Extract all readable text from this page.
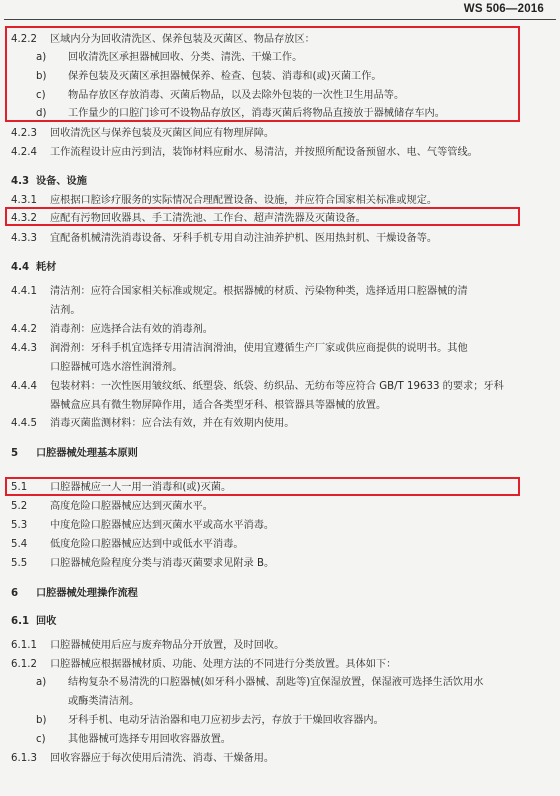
WS 506—2016
4.2.2 区域内分为回收清洗区、保养包装及灭菌区、物品存放区：
a) 回收清洗区承担器械回收、分类、清洗、干燥工作。
b) 保养包装及灭菌区承担器械保养、检查、包装、消毒和(或)灭菌工作。
c) 物品存放区存放消毒、灭菌后物品，以及去除外包装的一次性卫生用品等。
d) 工作量少的口腔门诊可不设物品存放区，消毒灭菌后将物品直接放于器械储存车内。
4.2.3 回收清洗区与保养包装及灭菌区间应有物理屏障。
4.2.4 工作流程设计应由污到洁，装饰材料应耐水、易清洁，并按照所配设备预留水、电、气等管线。
4.3 设备、设施
4.3.1 应根据口腔诊疗服务的实际情况合理配置设备、设施，并应符合国家相关标准或规定。
4.3.2 应配有污物回收器具、手工清洗池、工作台、超声清洗器及灭菌设备。
4.3.3 宜配备机械清洗消毒设备、牙科手机专用自动注油养护机、医用热封机、干燥设备等。
4.4 耗材
4.4.1 清洁剂：应符合国家相关标准或规定。根据器械的材质、污染物种类，选择适用口腔器械的清
洁剂。
4.4.2 消毒剂：应选择合法有效的消毒剂。
4.4.3 润滑剂：牙科手机宜选择专用清洁润滑油，使用宜遵循生产厂家或供应商提供的说明书。其他
口腔器械可选水溶性润滑剂。
4.4.4 包装材料：一次性医用皱纹纸、纸塑袋、纸袋、纺织品、无纺布等应符合 GB/T 19633 的要求；牙科
器械盒应具有微生物屏障作用，适合各类型牙科、根管器具等器械的放置。
4.4.5 消毒灭菌监测材料：应合法有效，并在有效期内使用。
5 口腔器械处理基本原则
5.1 口腔器械应一人一用一消毒和(或)灭菌。
5.2 高度危险口腔器械应达到灭菌水平。
5.3 中度危险口腔器械应达到灭菌水平或高水平消毒。
5.4 低度危险口腔器械应达到中或低水平消毒。
5.5 口腔器械危险程度分类与消毒灭菌要求见附录 B。
6 口腔器械处理操作流程
6.1 回收
6.1.1 口腔器械使用后应与废弃物品分开放置，及时回收。
6.1.2 口腔器械应根据器械材质、功能、处理方法的不同进行分类放置。具体如下：
a) 结构复杂不易清洗的口腔器械(如牙科小器械、刮匙等)宜保湿放置，保湿液可选择生活饮用水
或酶类清洁剂。
b) 牙科手机、电动牙洁治器和电刀应初步去污，存放于干燥回收容器内。
c) 其他器械可选择专用回收容器放置。
6.1.3 回收容器应于每次使用后清洗、消毒、干燥备用。
